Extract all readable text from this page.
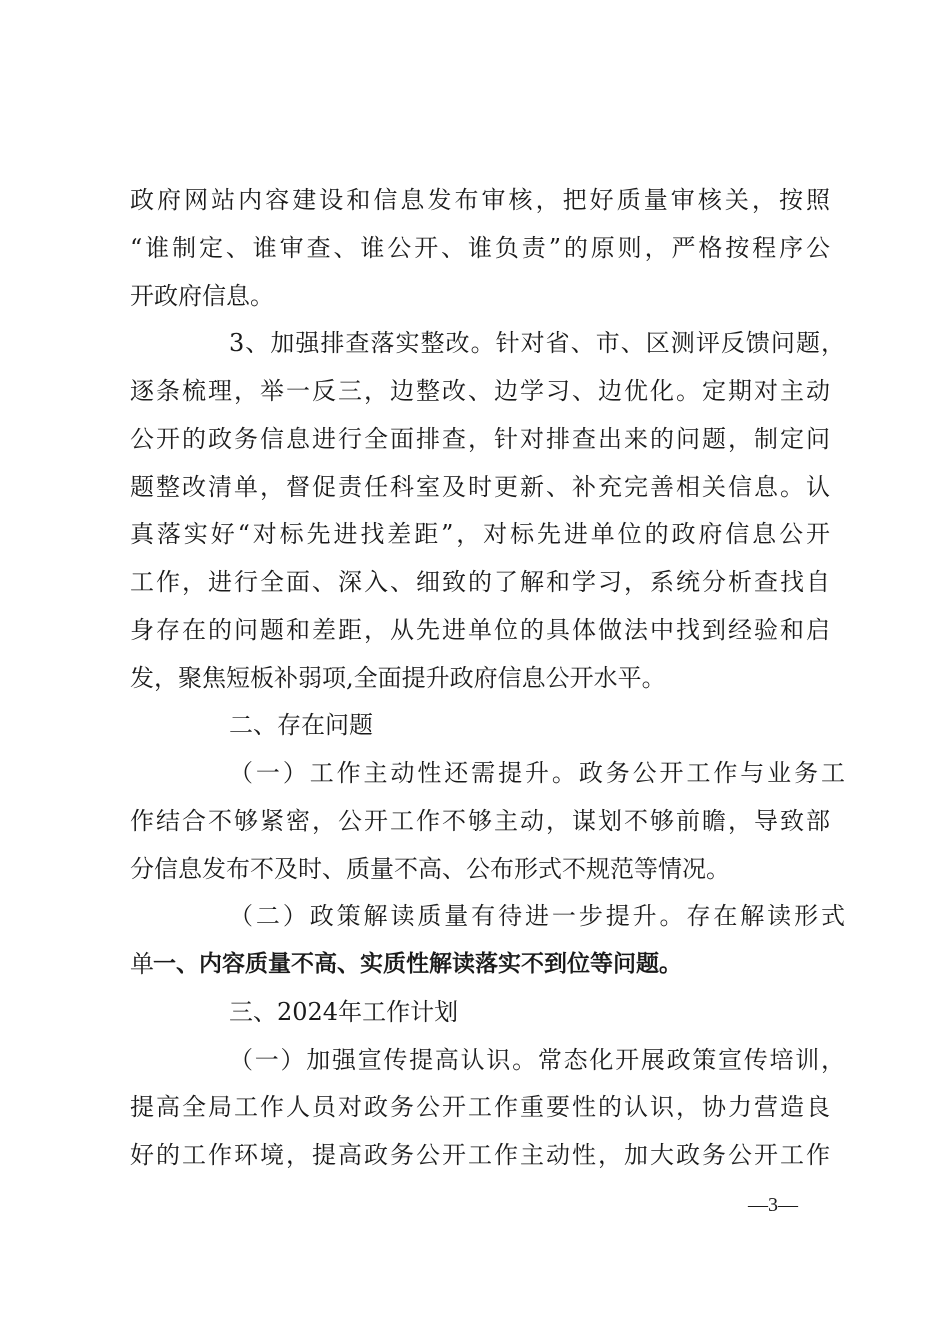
政府网站内容建设和信息发布审核，把好质量审核关，按照
“谁制定、谁审查、谁公开、谁负责”的原则，严格按程序公
开政府信息。
3、加强排查落实整改。针对省、市、区测评反馈问题，
逐条梳理，举一反三，边整改、边学习、边优化。定期对主动
公开的政务信息进行全面排查，针对排查出来的问题，制定问
题整改清单，督促责任科室及时更新、补充完善相关信息。认
真落实好“对标先进找差距”，对标先进单位的政府信息公开
工作，进行全面、深入、细致的了解和学习，系统分析查找自
身存在的问题和差距，从先进单位的具体做法中找到经验和启
发，聚焦短板补弱项,全面提升政府信息公开水平。
二、存在问题
（一）工作主动性还需提升。政务公开工作与业务工
作结合不够紧密，公开工作不够主动，谋划不够前瞻，导致部
分信息发布不及时、质量不高、公布形式不规范等情况。
（二）政策解读质量有待进一步提升。存在解读形式
单 一、内容质量不高、实质性解读落实不到位等问题。
三、2024年工作计划
（一）加强宣传提高认识。常态化开展政策宣传培训，
提高全局工作人员对政务公开工作重要性的认识，协力营造良
好的工作环境，提高政务公开工作主动性，加大政务公开工作
—3—
